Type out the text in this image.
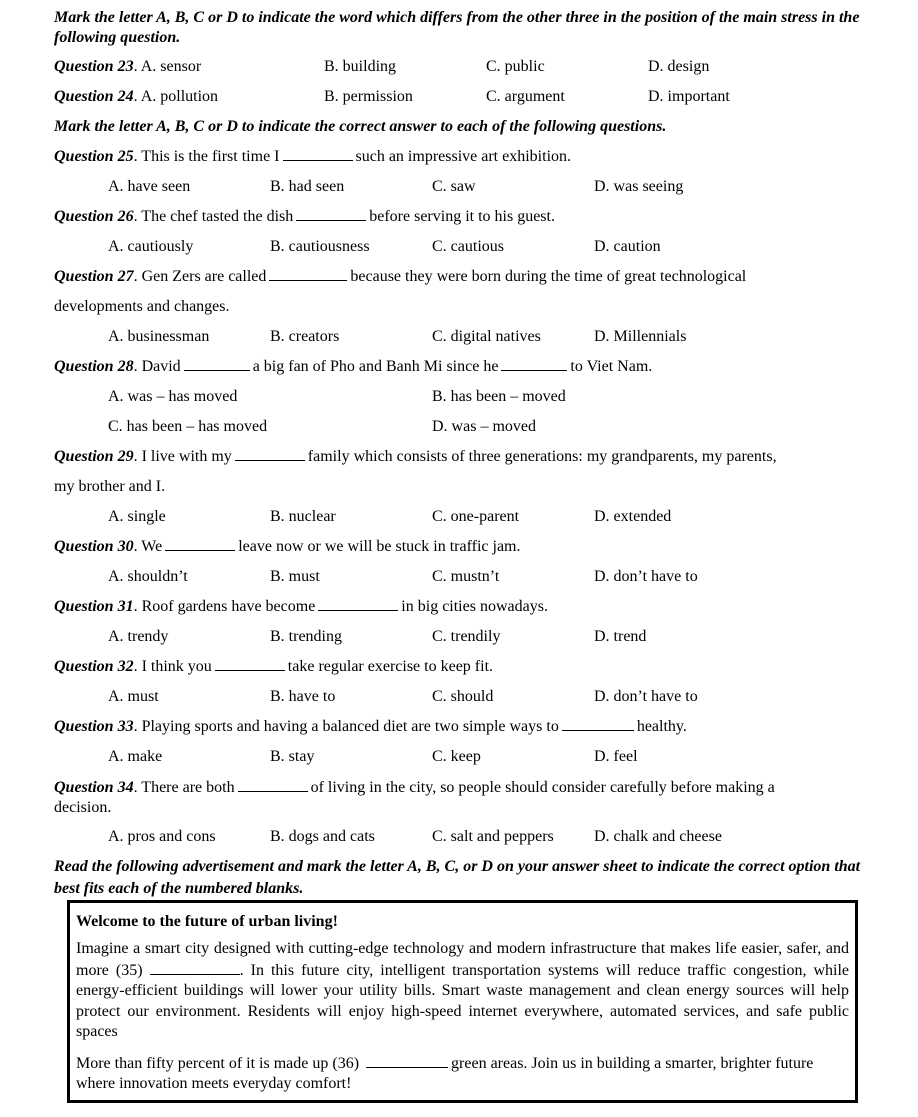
Mark the letter A, B, C or D to indicate the word which differs from the other three in the position of the main stress in the following question.
Question 23. A. sensor	B. building	C. public	D. design
Question 24. A. pollution	B. permission	C. argument	D. important
Mark the letter A, B, C or D to indicate the correct answer to each of the following questions.
Question 25. This is the first time I	such an impressive art exhibition.
A. have seen	B. had seen	C. saw	D. was seeing
Question 26. The chef tasted the dish	before serving it to his guest.
A. cautiously	B. cautiousness	C. cautious	D. caution
Question 27. Gen Zers are called	because they were born during the time of great technological
developments and changes.
A. businessman	B. creators	C. digital natives	D. Millennials
Question 28. David	a big fan of Pho and Banh Mi since he	to Viet Nam.
A. was – has moved	B. has been – moved
C. has been – has moved	D. was – moved
Question 29. I live with my	family which consists of three generations: my grandparents, my parents,
my brother and I.
A. single	B. nuclear	C. one-parent	D. extended
Question 30. We	leave now or we will be stuck in traffic jam.
A. shouldn’t	B. must	C. mustn’t	D. don’t have to
Question 31. Roof gardens have become	in big cities nowadays.
A. trendy	B. trending	C. trendily	D. trend
Question 32. I think you	take regular exercise to keep fit.
A. must	B. have to	C. should	D. don’t have to
Question 33. Playing sports and having a balanced diet are two simple ways to	healthy.
A. make	B. stay	C. keep	D. feel
Question 34. There are both	of living in the city, so people should consider carefully before making a
decision.
A. pros and cons	B. dogs and cats	C. salt and peppers	D. chalk and cheese
Read the following advertisement and mark the letter A, B, C, or D on your answer sheet to indicate the correct option that best fits each of the numbered blanks.
Welcome to the future of urban living!

Imagine a smart city designed with cutting-edge technology and modern infrastructure that makes life easier, safer, and more (35)	. In this future city, intelligent transportation systems will reduce traffic congestion, while energy-efficient buildings will lower your utility bills. Smart waste management and clean energy sources will help protect our environment. Residents will enjoy high-speed internet everywhere, automated services, and safe public spaces

More than fifty percent of it is made up (36)	green areas. Join us in building a smarter, brighter future where innovation meets everyday comfort!
